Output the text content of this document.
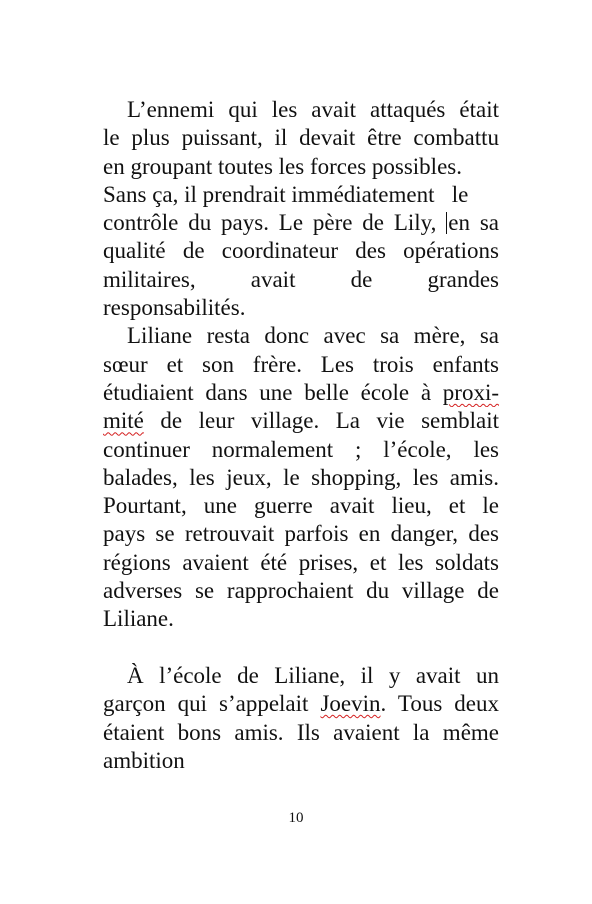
L’ennemi qui les avait attaqués était
le plus puissant, il devait être combattu
en groupant toutes les forces possibles.
Sans ça, il prendrait immédiatement   le
contrôle du pays. Le père de Lily, en sa
qualité de coordinateur des opérations
militaires, avait de grandes
responsabilités.
Liliane resta donc avec sa mère, sa
sœur et son frère. Les trois enfants
étudiaient dans une belle école à proxi-
mité de leur village. La vie semblait
continuer normalement ; l’école, les
balades, les jeux, le shopping, les amis.
Pourtant, une guerre avait lieu, et le
pays se retrouvait parfois en danger, des
régions avaient été prises, et les soldats
adverses se rapprochaient du village de
Liliane.
À l’école de Liliane, il y avait un
garçon qui s’appelait Joevin. Tous deux
étaient bons amis. Ils avaient la même
ambition
10
